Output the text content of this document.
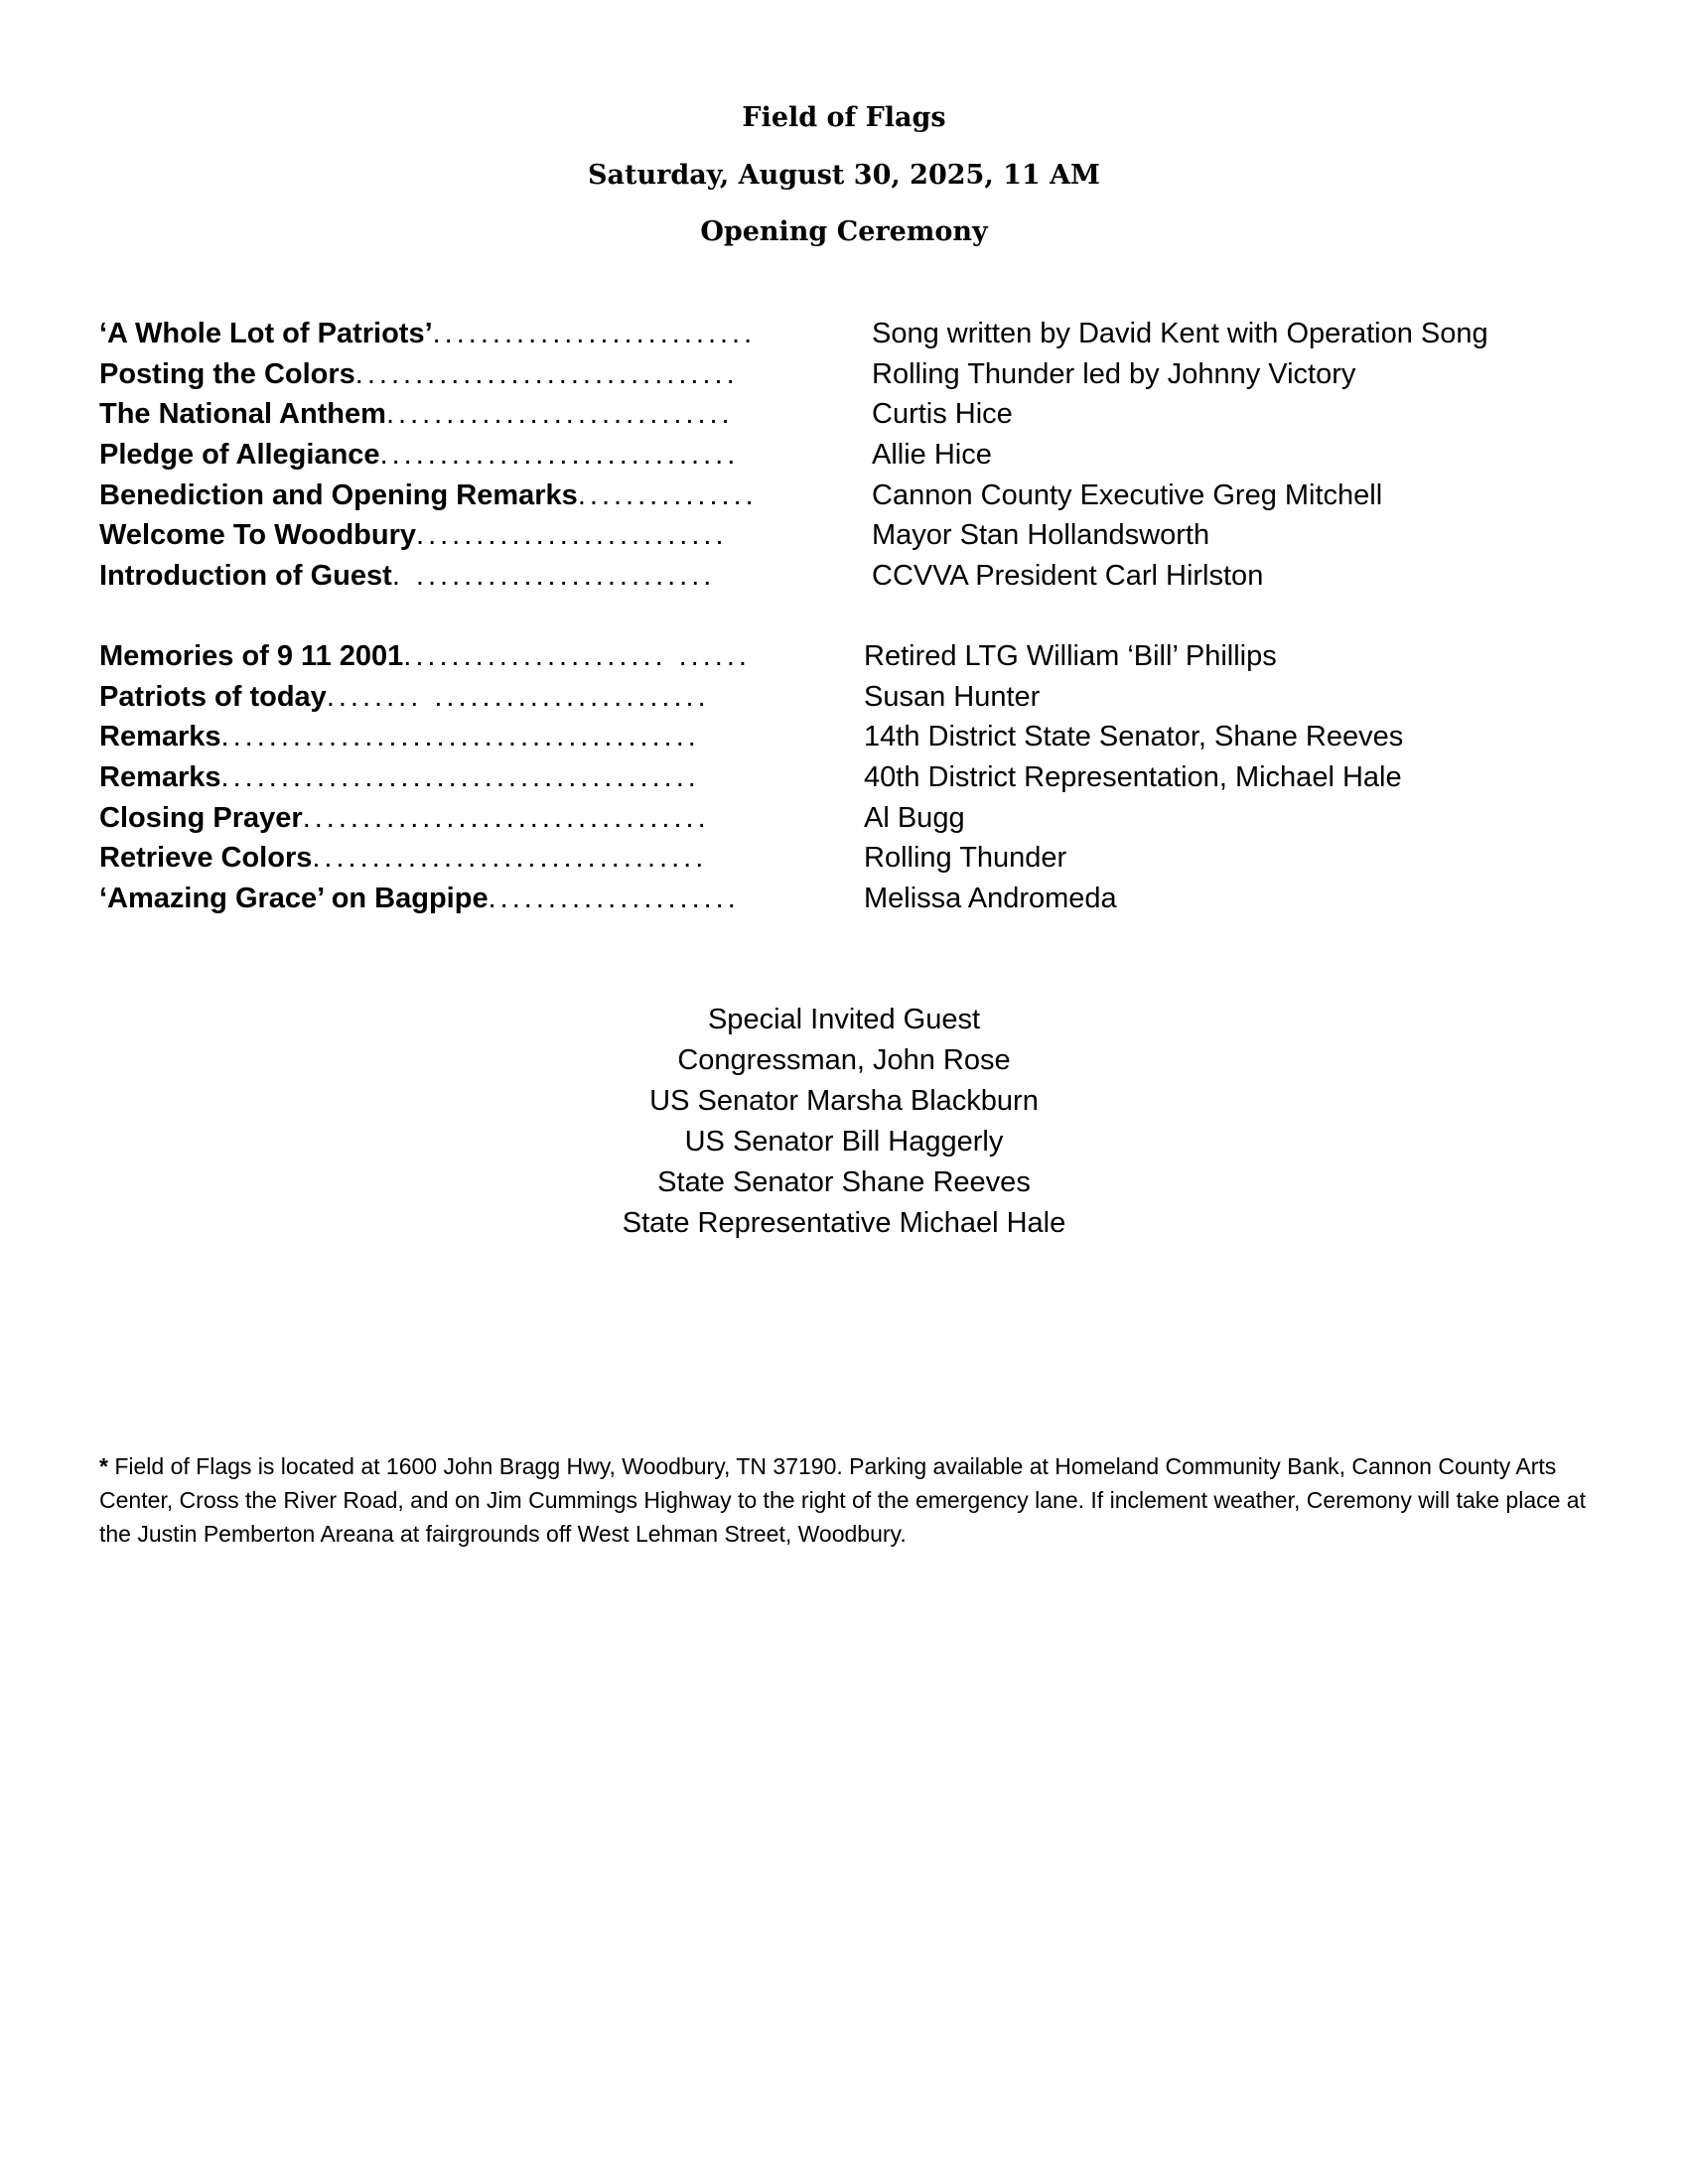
Field of Flags
Saturday, August 30, 2025, 11 AM
Opening Ceremony
‘A Whole Lot of Patriots’...........................	Song written by David Kent with Operation Song
Posting the Colors................................	Rolling Thunder led by Johnny Victory
The National Anthem.............................	Curtis Hice
Pledge of Allegiance..............................	Allie Hice
Benediction and Opening Remarks...............	Cannon County Executive Greg Mitchell
Welcome To Woodbury..........................	Mayor Stan Hollandsworth
Introduction of Guest. .........................	CCVVA President Carl Hirlston
Memories of 9 11 2001...................... ......	Retired LTG William ‘Bill’ Phillips
Patriots of today........ .......................	Susan Hunter
Remarks........................................	14th District State Senator, Shane Reeves
Remarks........................................	40th District Representation, Michael Hale
Closing Prayer..................................	Al Bugg
Retrieve Colors.................................	Rolling Thunder
‘Amazing Grace’ on Bagpipe.....................	Melissa Andromeda
Special Invited Guest
Congressman, John Rose
US Senator Marsha Blackburn
US Senator Bill Haggerly
State Senator Shane Reeves
State Representative Michael Hale
* Field of Flags is located at 1600 John Bragg Hwy, Woodbury, TN 37190. Parking available at Homeland Community Bank, Cannon County Arts Center, Cross the River Road, and on Jim Cummings Highway to the right of the emergency lane. If inclement weather, Ceremony will take place at the Justin Pemberton Areana at fairgrounds off West Lehman Street, Woodbury.
